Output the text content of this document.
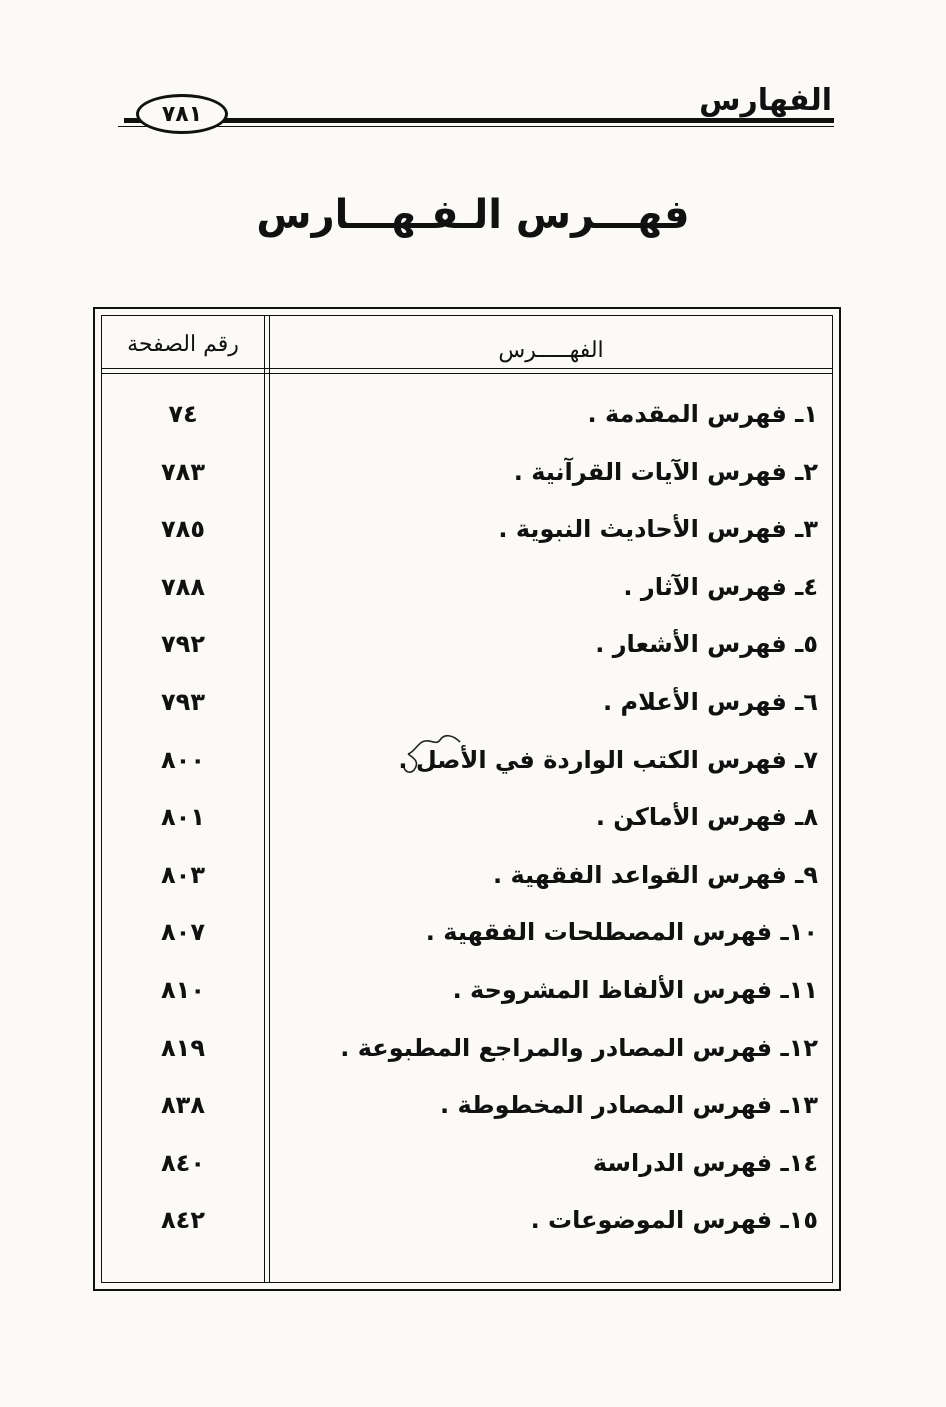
الفهارس
٧٨١
فهـــرس الـفـهـــارس
رقم الصفحة	الفهـــــرس
٧٤	١ـ فهرس المقدمة .
٧٨٣	٢ـ فهرس الآيات القرآنية .
٧٨٥	٣ـ فهرس الأحاديث النبوية .
٧٨٨	٤ـ فهرس الآثار .
٧٩٢	٥ـ فهرس الأشعار .
٧٩٣	٦ـ فهرس الأعلام .
٨٠٠	٧ـ فهرس الكتب الواردة في الأصل .
٨٠١	٨ـ فهرس الأماكن .
٨٠٣	٩ـ فهرس القواعد الفقهية .
٨٠٧	١٠ـ فهرس المصطلحات الفقهية .
٨١٠	١١ـ فهرس الألفاظ المشروحة .
٨١٩	١٢ـ فهرس المصادر والمراجع المطبوعة .
٨٣٨	١٣ـ فهرس المصادر المخطوطة .
٨٤٠	١٤ـ فهرس الدراسة
٨٤٢	١٥ـ فهرس الموضوعات .
